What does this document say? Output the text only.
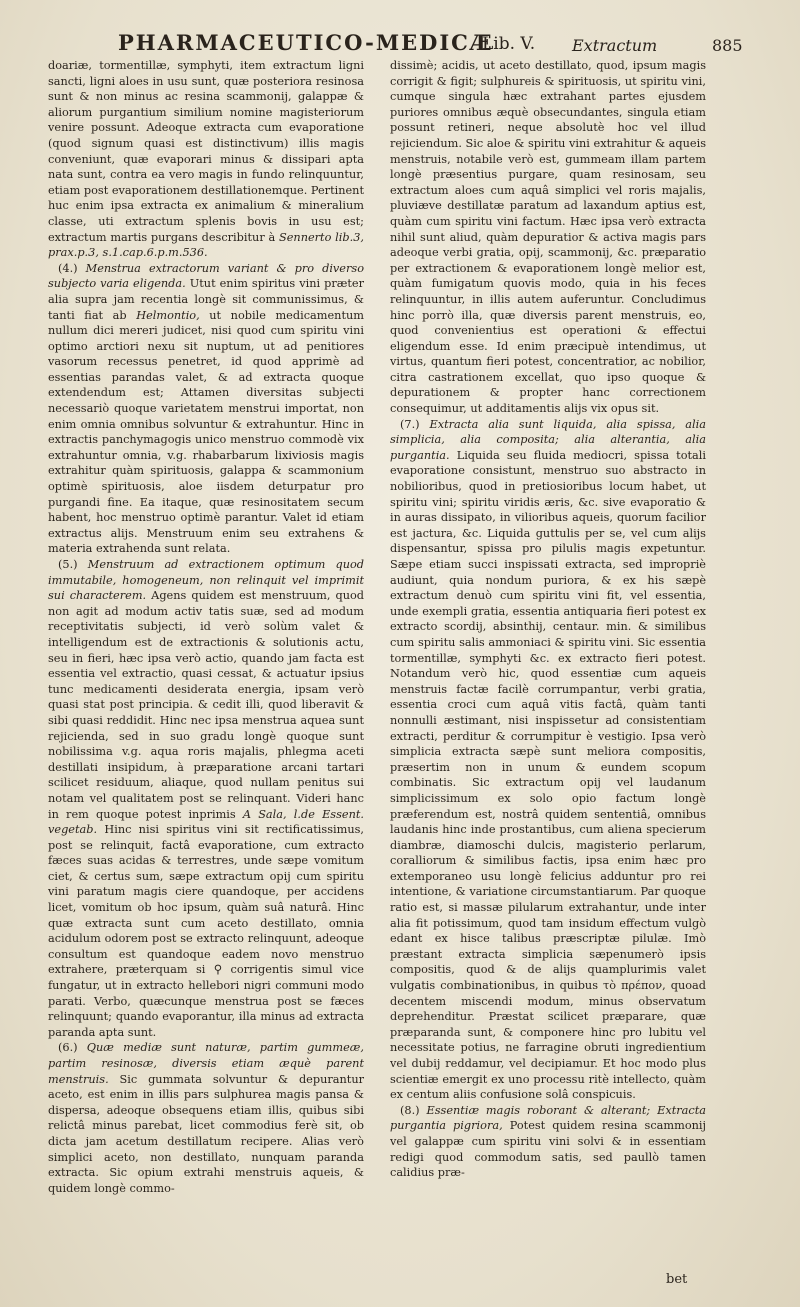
PHARMACEUTICO-MEDICÆ
Lib. V. Extractum	885

doariæ, tormentillæ, symphyti, item extractum ligni sancti, ligni aloes in usu sunt, quæ posteriora resinosa sunt & non minus ac resina scammonij, galappæ & aliorum purgantium similium nomine magisteriorum venire possunt. Adeoque extracta cum evaporatione (quod signum quasi est distinctivum) illis magis conveniunt, quæ evaporari minus & dissipari apta nata sunt, contra ea vero magis in fundo relinquuntur, etiam post evaporationem destillationemque. Pertinent huc enim ipsa extracta ex animalium & mineralium classe, uti extractum splenis bovis in usu est; extractum martis purgans describitur à Sennerto lib.3, prax.p.3, s.1.cap.6.p.m.536.

(4.) Menstrua extractorum variant & pro diverso subjecto varia eligenda. Utut enim spiritus vini præter alia supra jam recentia longè sit communissimus, & tanti fiat ab Helmontio, ut nobile medicamentum nullum dici mereri judicet, nisi quod cum spiritu vini optimo arctiori nexu sit nuptum, ut ad penitiores vasorum recessus penetret, id quod apprimè ad essentias parandas valet, & ad extracta quoque extendendum est; Attamen diversitas subjecti necessariò quoque varietatem menstrui importat, non enim omnia omnibus solvuntur & extrahuntur. Hinc in extractis panchymagogis unico menstruo commodè vix extrahuntur omnia, v.g. rhabarbarum lixiviosis magis extrahitur quàm spirituosis, galappa & scammonium optimè spirituosis, aloe iisdem deturpatur pro purgandi fine. Ea itaque, quæ resinositatem secum habent, hoc menstruo optimè parantur. Valet id etiam extractus alijs. Menstruum enim seu extrahens & materia extrahenda sunt relata.

(5.) Menstruum ad extractionem optimum quod immutabile, homogeneum, non relinquit vel imprimit sui characterem. Agens quidem est menstruum, quod non agit ad modum activ tatis suæ, sed ad modum receptivitatis subjecti, id verò solùm valet & intelligendum est de extractionis & solutionis actu, seu in fieri, hæc ipsa verò actio, quando jam facta est essentia vel extractio, quasi cessat, & actuatur ipsius tunc medicamenti desiderata energia, ipsam verò quasi stat post principia. & cedit illi, quod liberavit & sibi quasi reddidit. Hinc nec ipsa menstrua aquea sunt rejicienda, sed in suo gradu longè quoque sunt nobilissima v.g. aqua roris majalis, phlegma aceti destillati insipidum, à præparatione arcani tartari scilicet residuum, aliaque, quod nullam penitus sui notam vel qualitatem post se relinquant. Videri hanc in rem quoque potest inprimis A Sala, l.de Essent. vegetab. Hinc nisi spiritus vini sit rectificatissimus, post se relinquit, factâ evaporatione, cum extracto fæces suas acidas & terrestres, unde sæpe vomitum ciet, & certus sum, sæpe extractum opij cum spiritu vini paratum magis ciere quandoque, per accidens licet, vomitum ob hoc ipsum, quàm suâ naturâ. Hinc quæ extracta sunt cum aceto destillato, omnia acidulum odorem post se extracto relinquunt, adeoque consultum est quandoque eadem novo menstruo extrahere, præterquam si ⚲ corrigentis simul vice fungatur, ut in extracto hellebori nigri communi modo parati. Verbo, quæcunque menstrua post se fæces relinquunt; quando evaporantur, illa minus ad extracta paranda apta sunt.

(6.) Quæ mediæ sunt naturæ, partim gummeæ, partim resinosæ, diversis etiam æquè parent menstruis. Sic gummata solvuntur & depurantur aceto, est enim in illis pars sulphurea magis pansa & dispersa, adeoque obsequens etiam illis, quibus sibi relictâ minus parebat, licet commodius ferè sit, ob dicta jam acetum destillatum recipere. Alias verò simplici aceto, non destillato, nunquam paranda extracta. Sic opium extrahi menstruis aqueis, & quidem longè commo-

dissimè; acidis, ut aceto destillato, quod, ipsum magis corrigit & figit; sulphureis & spirituosis, ut spiritu vini, cumque singula hæc extrahant partes ejusdem puriores omnibus æquè obsecundantes, singula etiam possunt retineri, neque absolutè hoc vel illud rejiciendum. Sic aloe & spiritu vini extrahitur & aqueis menstruis, notabile verò est, gummeam illam partem longè præsentius purgare, quam resinosam, seu extractum aloes cum aquâ simplici vel roris majalis, pluviæve destillatæ paratum ad laxandum aptius est, quàm cum spiritu vini factum. Hæc ipsa verò extracta nihil sunt aliud, quàm depuratior & activa magis pars adeoque verbi gratia, opij, scammonij, &c. præparatio per extractionem & evaporationem longè melior est, quàm fumigatum quovis modo, quia in his feces relinquuntur, in illis autem auferuntur. Concludimus hinc porrò illa, quæ diversis parent menstruis, eo, quod convenientius est operationi & effectui eligendum esse. Id enim præcipuè intendimus, ut virtus, quantum fieri potest, concentratior, ac nobilior, citra castrationem excellat, quo ipso quoque & depurationem & propter hanc correctionem consequimur, ut additamentis alijs vix opus sit.

(7.) Extracta alia sunt liquida, alia spissa, alia simplicia, alia composita; alia alterantia, alia purgantia. Liquida seu fluida mediocri, spissa totali evaporatione consistunt, menstruo suo abstracto in nobilioribus, quod in pretiosioribus locum habet, ut spiritu vini; spiritu viridis æris, &c. sive evaporatio & in auras dissipato, in vilioribus aqueis, quorum facilior est jactura, &c. Liquida guttulis per se, vel cum alijs dispensantur, spissa pro pilulis magis expetuntur. Sæpe etiam succi inspissati extracta, sed impropriè audiunt, quia nondum puriora, & ex his sæpè extractum denuò cum spiritu vini fit, vel essentia, unde exempli gratia, essentia antiquaria fieri potest ex extracto scordij, absinthij, centaur. min. & similibus cum spiritu salis ammoniaci & spiritu vini. Sic essentia tormentillæ, symphyti &c. ex extracto fieri potest. Notandum verò hic, quod essentiæ cum aqueis menstruis factæ facilè corrumpantur, verbi gratia, essentia croci cum aquâ vitis factâ, quàm tanti nonnulli æstimant, nisi inspissetur ad consistentiam extracti, perditur & corrumpitur è vestigio. Ipsa verò simplicia extracta sæpè sunt meliora compositis, præsertim non in unum & eundem scopum combinatis. Sic extractum opij vel laudanum simplicissimum ex solo opio factum longè præferendum est, nostrâ quidem sententiâ, omnibus laudanis hinc inde prostantibus, cum aliena specierum diambræ, diamoschi dulcis, magisterio perlarum, coralliorum & similibus factis, ipsa enim hæc pro extemporaneo usu longè felicius adduntur pro rei intentione, & variatione circumstantiarum. Par quoque ratio est, si massæ pilularum extrahantur, unde inter alia fit potissimum, quod tam insidum effectum vulgò edant ex hisce talibus præscriptæ pilulæ. Imò præstant extracta simplicia sæpenumerò ipsis compositis, quod & de alijs quamplurimis valet vulgatis combinationibus, in quibus τὸ πρέπον, quoad decentem miscendi modum, minus observatum deprehenditur. Præstat scilicet præparare, quæ præparanda sunt, & componere hinc pro lubitu vel necessitate potius, ne farragine obruti ingredientium vel dubij reddamur, vel decipiamur. Et hoc modo plus scientiæ emergit ex uno processu ritè intellecto, quàm ex centum aliis confusione solâ conspicuis.

(8.) Essentiæ magis roborant & alterant; Extracta purgantia pigriora, Potest quidem resina scammonij vel galappæ cum spiritu vini solvi & in essentiam redigi quod commodum satis, sed paullò tamen calidius præ-

bet
